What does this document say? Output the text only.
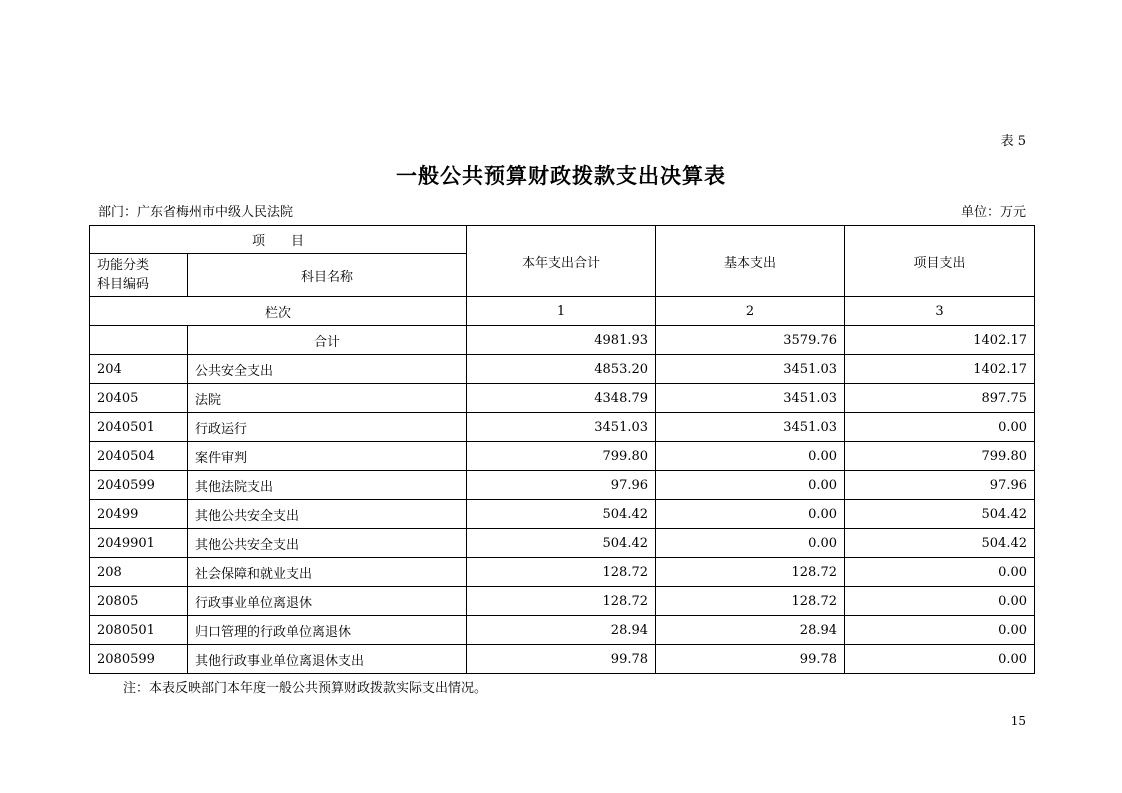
表 5
一般公共预算财政拨款支出决算表
部门：广东省梅州市中级人民法院	单位：万元
项　　目		本年支出合计	基本支出	项目支出

功能分类
科目编码	科目名称			
栏次		1	2	3
	合计	4981.93	3579.76	1402.17
204	公共安全支出	4853.20	3451.03	1402.17
20405	法院	4348.79	3451.03	897.75
2040501	行政运行	3451.03	3451.03	0.00
2040504	案件审判	799.80	0.00	799.80
2040599	其他法院支出	97.96	0.00	97.96
20499	其他公共安全支出	504.42	0.00	504.42
2049901	其他公共安全支出	504.42	0.00	504.42
208	社会保障和就业支出	128.72	128.72	0.00
20805	行政事业单位离退休	128.72	128.72	0.00
2080501	归口管理的行政单位离退休	28.94	28.94	0.00
2080599	其他行政事业单位离退休支出	99.78	99.78	0.00
注：本表反映部门本年度一般公共预算财政拨款实际支出情况。
15
